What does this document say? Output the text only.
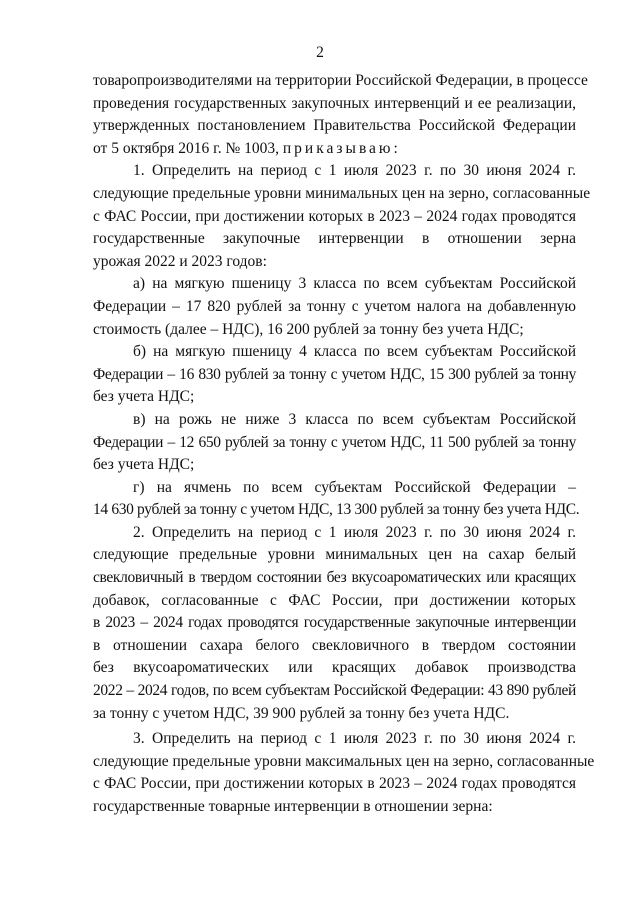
2

товаропроизводителями на территории Российской Федерации, в процессе
проведения государственных закупочных интервенций и ее реализации,
утвержденных постановлением Правительства Российской Федерации
от 5 октября 2016 г. № 1003, приказываю:

1. Определить на период с 1 июля 2023 г. по 30 июня 2024 г.
следующие предельные уровни минимальных цен на зерно, согласованные
с ФАС России, при достижении которых в 2023 – 2024 годах проводятся
государственные закупочные интервенции в отношении зерна
урожая 2022 и 2023 годов:

а) на мягкую пшеницу 3 класса по всем субъектам Российской
Федерации – 17 820 рублей за тонну с учетом налога на добавленную
стоимость (далее – НДС), 16 200 рублей за тонну без учета НДС;

б) на мягкую пшеницу 4 класса по всем субъектам Российской
Федерации – 16 830 рублей за тонну с учетом НДС, 15 300 рублей за тонну
без учета НДС;

в) на рожь не ниже 3 класса по всем субъектам Российской
Федерации – 12 650 рублей за тонну с учетом НДС, 11 500 рублей за тонну
без учета НДС;

г) на ячмень по всем субъектам Российской Федерации –
14 630 рублей за тонну с учетом НДС, 13 300 рублей за тонну без учета НДС.

2. Определить на период с 1 июля 2023 г. по 30 июня 2024 г.
следующие предельные уровни минимальных цен на сахар белый
свекловичный в твердом состоянии без вкусоароматических или красящих
добавок, согласованные с ФАС России, при достижении которых
в 2023 – 2024 годах проводятся государственные закупочные интервенции
в отношении сахара белого свекловичного в твердом состоянии
без вкусоароматических или красящих добавок производства
2022 – 2024 годов, по всем субъектам Российской Федерации: 43 890 рублей
за тонну с учетом НДС, 39 900 рублей за тонну без учета НДС.

3. Определить на период с 1 июля 2023 г. по 30 июня 2024 г.
следующие предельные уровни максимальных цен на зерно, согласованные
с ФАС России, при достижении которых в 2023 – 2024 годах проводятся
государственные товарные интервенции в отношении зерна:
